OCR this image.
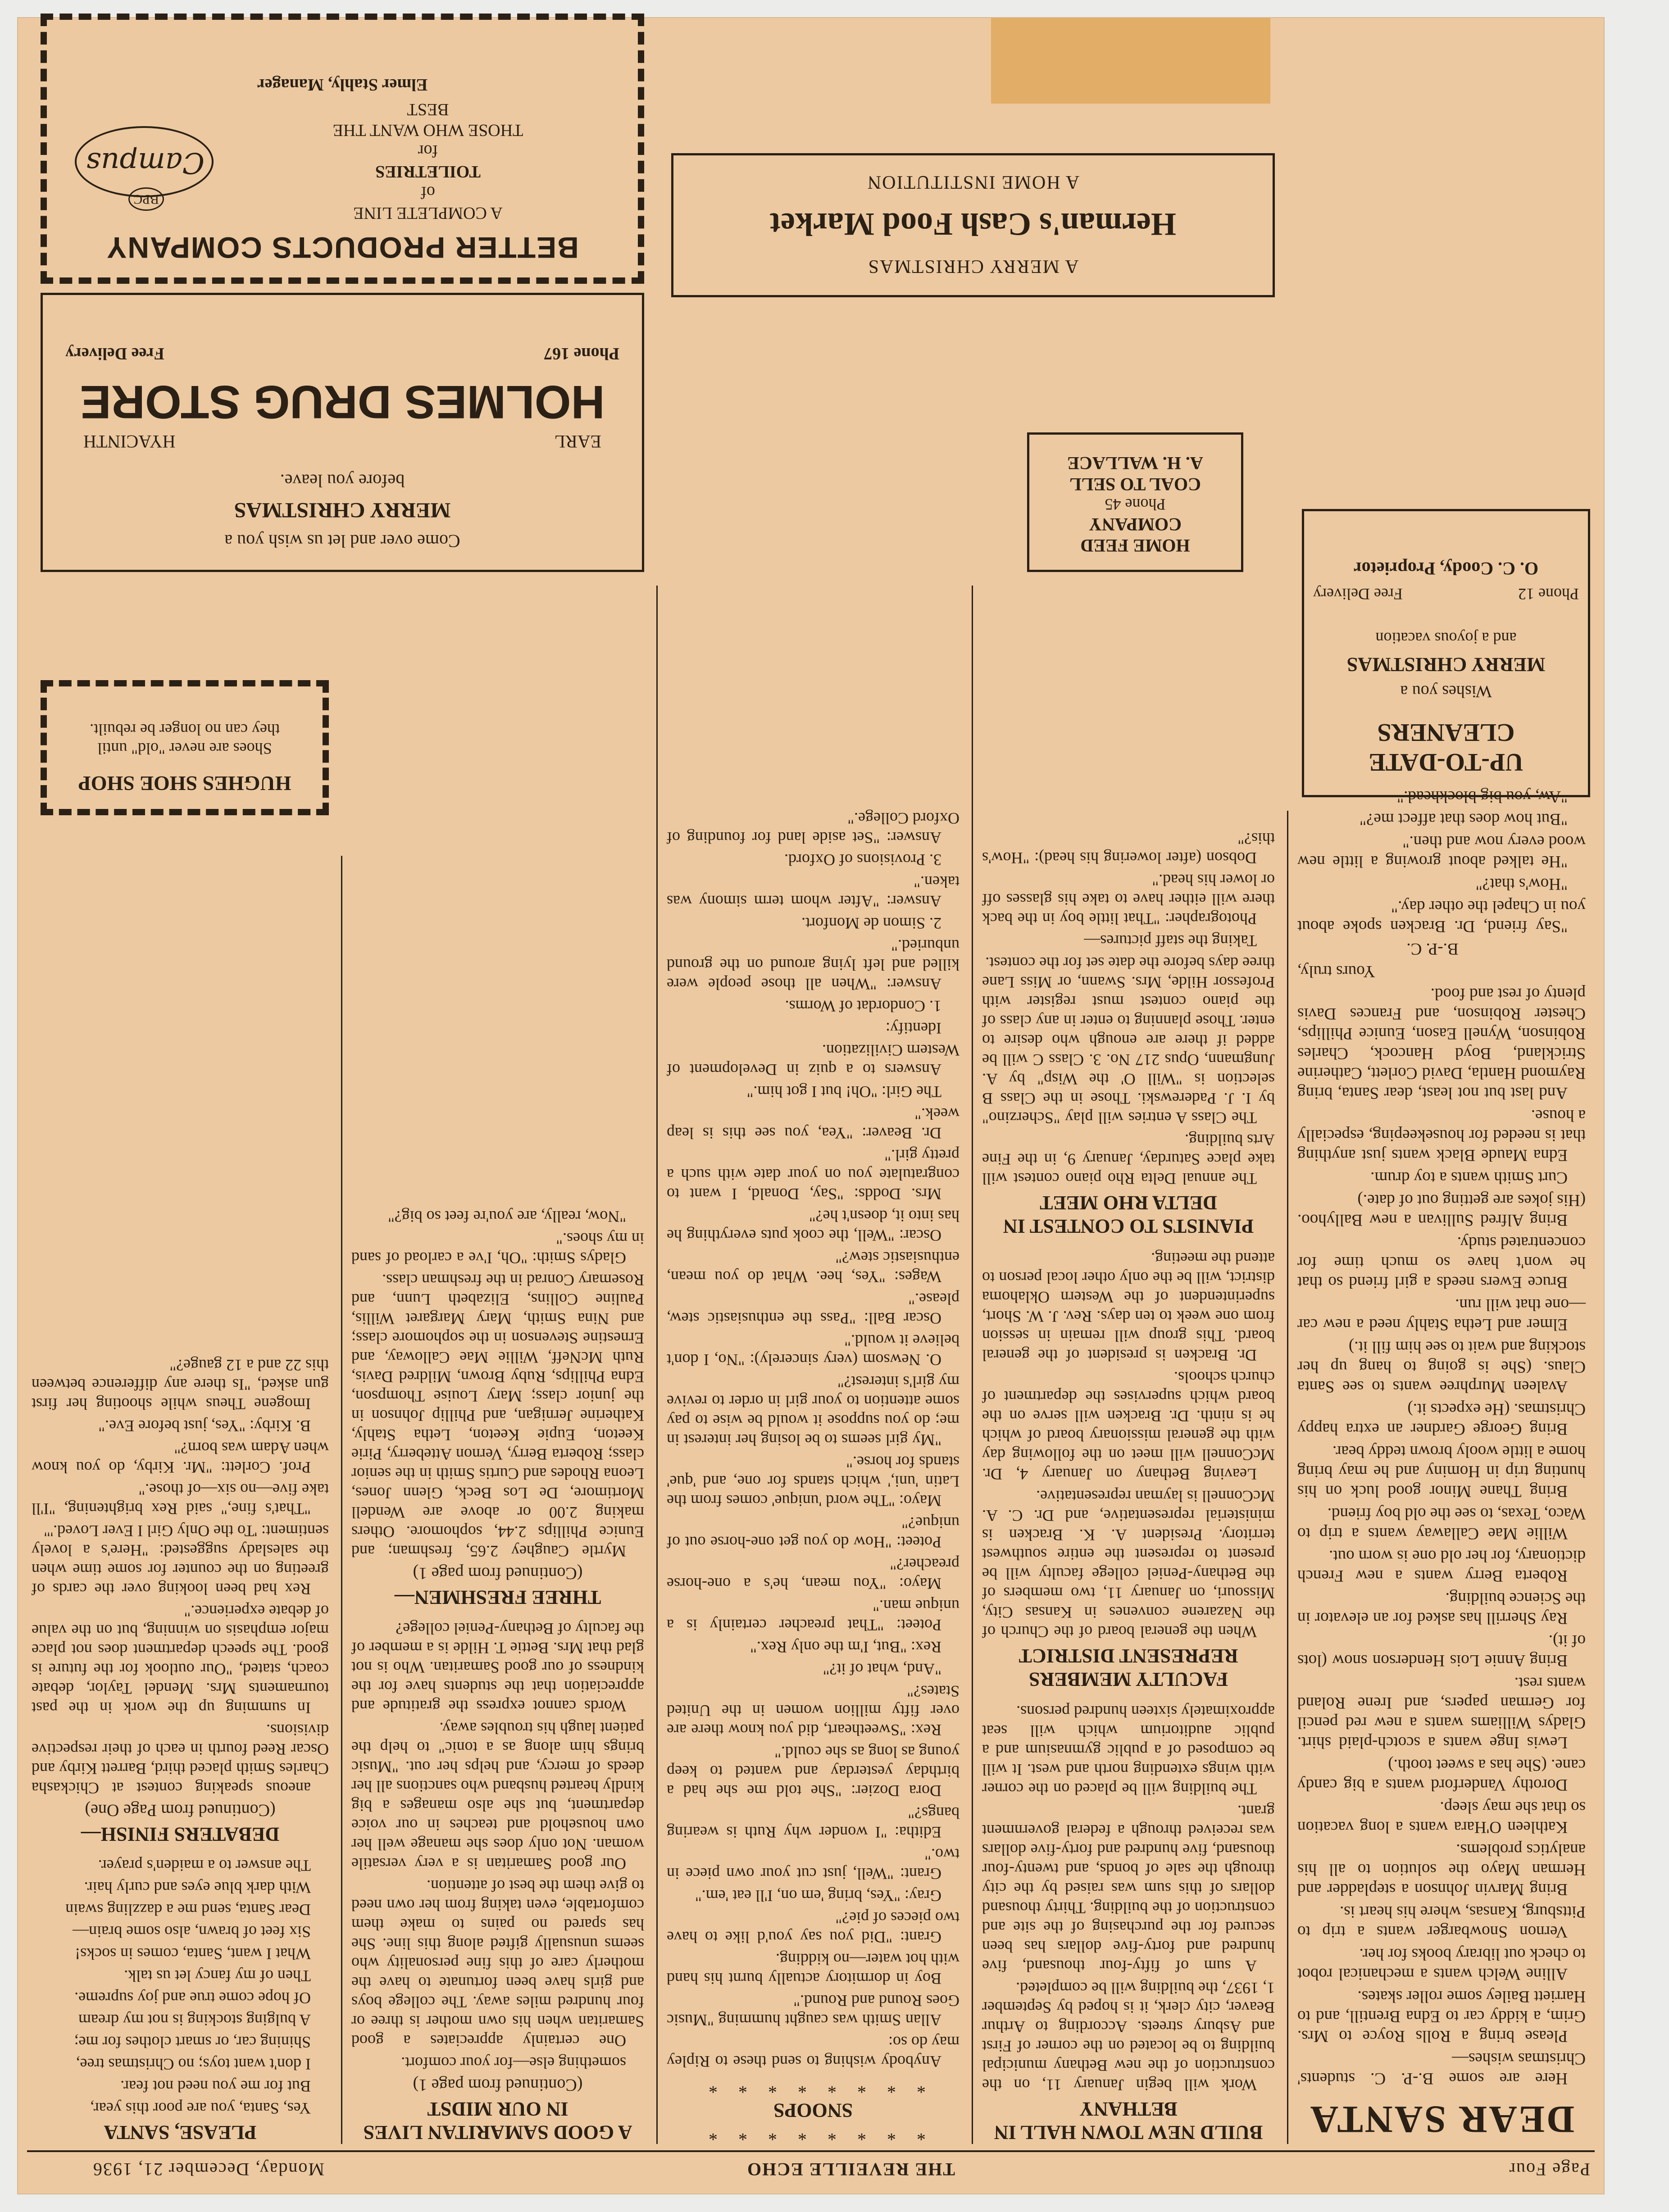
Page Four
THE REVEILLE ECHO
Monday, December 21, 1936
DEAR SANTA

Here are some B.-P. C. students' Christmas wishes—

Please bring a Rolls Royce to Mrs. Grim, a kiddy car to Edna Brentill, and to Harriett Bailey some roller skates.

Alline Welch wants a mechanical robot to check out library books for her.

Vernon Snowbarger wants a trip to Pittsburg, Kansas, where his heart is.

Bring Marvin Johnson a stepladder and Herman Mayo the solution to all his analytics problems.

Kathleen O'Hara wants a long vacation so that she may sleep.

Dorothy Vanderford wants a big candy cane. (She has a sweet tooth.)

Lewis Inge wants a scotch-plaid shirt. Gladys Williams wants a new red pencil for German papers, and Irene Roland wants rest.

Bring Annie Lois Henderson snow (lots of it).

Ray Sherrill has asked for an elevator in the Science building.

Roberta Berry wants a new French dictionary, for her old one is worn out.

Willie Mae Callaway wants a trip to Waco, Texas, to see the old boy friend.

Bring Thane Minor good luck on his hunting trip in Hominy and he may bring home a little wooly brown teddy bear.

Bring George Gardner an extra happy Christmas. (He expects it.)

Avaleen Murphree wants to see Santa Claus. (She is going to hang up her stocking and wait to see him fill it.)

Elmer and Letha Stahly need a new car—one that will run.

Bruce Ewers needs a girl friend so that he won't have so much time for concentrated study.

Bring Alfred Sullivan a new Ballyhoo. (His jokes are getting out of date.)

Curt Smith wants a toy drum.

Edna Maude Black wants just anything that is needed for housekeeping, especially a house.

And last but not least, dear Santa, bring Raymond Hantla, David Corlett, Catherine Strickland, Boyd Hancock, Charles Robinson, Wynell Eason, Eunice Phillips, Chester Robinson, and Frances Davis plenty of rest and food.

Yours truly,

B.-P. C.

"Say friend, Dr. Bracken spoke about you in Chapel the other day."

"How's that?"

"He talked about growing a little new wood every now and then."

"But how does that affect me?"

"Aw, you big blockhead."

BUILD NEW TOWN HALL IN BETHANY

Work will begin January 11, on the construction of the new Bethany municipal building to be located on the corner of First and Asbury streets. According to Arthur Beaver, city clerk, it is hoped by September 1, 1937, the building will be completed.

A sum of fifty-four thousand, five hundred and forty-five dollars has been secured for the purchasing of the site and construction of the building. Thirty thousand dollars of this sum was raised by the city through the sale of bonds, and twenty-four thousand, five hundred and forty-five dollars was received through a federal government grant.

The building will be placed on the corner with wings extending north and west. It will be composed of a public gymnasium and a public auditorium which will seat approximately sixteen hundred persons.

FACULTY MEMBERS REPRESENT DISTRICT

When the general board of the Church of the Nazarene convenes in Kansas City, Missouri, on January 11, two members of the Bethany-Peniel college faculty will be present to represent the entire southwest territory. President A. K. Bracken is ministerial representative, and Dr. C. A. McConnell is layman representative.

Leaving Bethany on January 4, Dr. McConnell will meet on the following day with the general missionary board of which he is ninth. Dr. Bracken will serve on the board which supervises the department of church schools.

Dr. Bracken is president of the general board. This group will remain in session from one week to ten days. Rev. J. W. Short, superintendent of the Western Oklahoma district, will be the only other local person to attend the meeting.

PIANISTS TO CONTEST IN DELTA RHO MEET

The annual Delta Rho piano contest will take place Saturday, January 9, in the Fine Arts building.

The Class A entries will play "Scherzino" by I. J. Paderewski. Those in the Class B selection is "Will O' the Wisp" by A. Jungmann, Opus 217 No. 3. Class C will be added if there are enough who desire to enter. Those planning to enter in any class of the piano contest must register with Professor Hilde, Mrs. Swann, or Miss Lane three days before the date set for the contest.

Taking the staff pictures—

Photographer: "That little boy in the back there will either have to take his glasses off or lower his head."

Dobson (after lowering his head): "How's this?"

* * * * * * * *

SNOOPS

* * * * * * * *

Anybody wishing to send these to Ripley may do so:

Allan Smith was caught humming "Music Goes Round and Round."

Boy in dormitory actually burnt his hand with hot water—no kidding.

Grant: "Did you say you'd like to have two pieces of pie?"

Gray: "Yes, bring 'em on, I'll eat 'em."

Grant: "Well, just cut your own piece in two."

Editha: "I wonder why Ruth is wearing bangs?"

Dora Dozier: "She told me she had a birthday yesterday and wanted to keep young as long as she could."

Rex: "Sweetheart, did you know there are over fifty million women in the United States?"

"And, what of it?"

Rex: "But, I'm the only Rex."

Poteet: "That preacher certainly is a unique man."

Mayo: "You mean, he's a one-horse preacher?"

Poteet: "How do you get one-horse out of unique?"

Mayo: "The word 'unique' comes from the Latin 'uni,' which stands for one, and 'que' stands for horse."

"My girl seems to be losing her interest in me; do you suppose it would be wise to pay some attention to your girl in order to revive my girl's interest?"

O. Newsom (very sincerely): "No, I don't believe it would."

Oscar Ball: "Pass the enthusiastic stew, please."

Wages: "Yes, hee. What do you mean, enthusiastic stew?"

Oscar: "Well, the cook puts everything he has into it, doesn't he?"

Mrs. Dodds: "Say, Donald, I want to congratulate you on your date with such a pretty girl."

Dr. Beaver: "Yea, you see this is leap week."

The Girl: "Oh! but I got him."

Answers to a quiz in Development of Western Civilization.

Identify:

1. Condordat of Worms.

Answer: "When all those people were killed and left lying around on the ground unburied."

2. Simon de Monfort.

Answer: "After whom term simony was taken."

3. Provisions of Oxford.

Answer: "Set aside land for founding of Oxford College."

A GOOD SAMARITAN LIVES IN OUR MIDST

(Continued from page 1)

something else—for your comfort.

One certainly appreciates a good Samaritan when his own mother is three or four hundred miles away. The college boys and girls have been fortunate to have the motherly care of this fine personality who seems unusually gifted along this line. She has spared no pains to make them comfortable, even taking from her own need to give them the best of attention.

Our good Samaritan is a very versatile woman. Not only does she manage well her own household and teaches in our voice department, but she also manages a big kindly hearted husband who sanctions all her deeds of mercy, and helps her out. "Music brings him along as a tonic" to help the patient laugh his troubles away.

Words cannot express the gratitude and appreciation that the students have for the kindness of our good Samaritan. Who is not glad that Mrs. Bettie T. Hilde is a member of the faculty of Bethany-Peniel college?

THREE FRESHMEN—

(Continued from page 1)

Myrtle Caughey 2.65, freshman; and Eunice Phillips 2.44, sophomore. Others making 2.00 or above are Wendell Mortimore, De Los Beck, Glenn Jones, Leona Rhodes and Curtis Smith in the senior class; Roberta Berry, Vernon Atteberry, Pirie Keeton, Eupie Keeton, Letha Stahly, Katherine Jernigan, and Phillip Johnson in the junior class; Mary Louise Thompson, Edna Phillips, Ruby Brown, Mildred Davis, Ruth McNeff, Willie Mae Calloway, and Ernestine Stevenson in the sophomore class; and Nina Smith, Mary Margaret Willis, Pauline Collins, Elizabeth Lunn, and Rosemary Conrad in the freshman class.

Gladys Smith: "Oh, I've a carload of sand in my shoes."

"Now, really, are you're feet so big?"

PLEASE, SANTA

Yes, Santa, you are poor this year,

But for me you need not fear.

I don't want toys; no Christmas tree,

Shining car, or smart clothes for me;

A bulging stocking is not my dream

Of hope come true and joy supreme.

Then of my fancy let us talk.

What I want, Santa, comes in socks!

Six feet of brawn, also some brain—

Dear Santa, send me a dazzling swain

With dark blue eyes and curly hair.

The answer to a maiden's prayer.

DEBATERS FINISH—

(Continued from Page One)

aneous speaking contest at Chickasha Charles Smith placed third, Barrett Kirby and Oscar Reed fourth in each of their respective divisions.

In summing up the work in the past tournaments Mrs. Mendel Taylor, debate coach, stated, "Our outlook for the future is good. The speech department does not place major emphasis on winning, but on the value of debate experience."

Rex had been looking over the cards of greeting on the counter for some time when the saleslady suggested: "Here's a lovely sentiment: 'To the Only Girl I Ever Loved.'"

"That's fine," said Rex brightening, "I'll take five—no six—of those."

Prof. Corlett: "Mr. Kirby, do you know when Adam was born?"

B. Kirby: "Yes, just before Eve."

Imogene Theus while shooting her first gun asked, "Is there any difference between this 22 and a 12 gauge?"

UP-TO-DATE CLEANERS
Wishes you a
MERRY CHRISTMAS
and a joyous vacation
Phone 12
Free Delivery
O. C. Coody, Proprietor
HOME FEED
COMPANY
Phone 45
COAL TO SELL
A. H. WALLACE
A MERRY CHRISTMAS
Herman's Cash Food Market
A HOME INSTITUTION
HUGHES SHOE SHOP
Shoes are never "old" until
they can no longer be rebuilt.
Come over and let us wish you a
MERRY CHRISTMAS
before you leave.
EARL
HYACINTH
HOLMES DRUG STORE
Phone 167
Free Delivery
BETTER PRODUCTS COMPANY
A COMPLETE LINE
of
TOILETRIES
for
THOSE WHO WANT THE
BEST
Campus
BPC
Elmer Stahly, Manager
